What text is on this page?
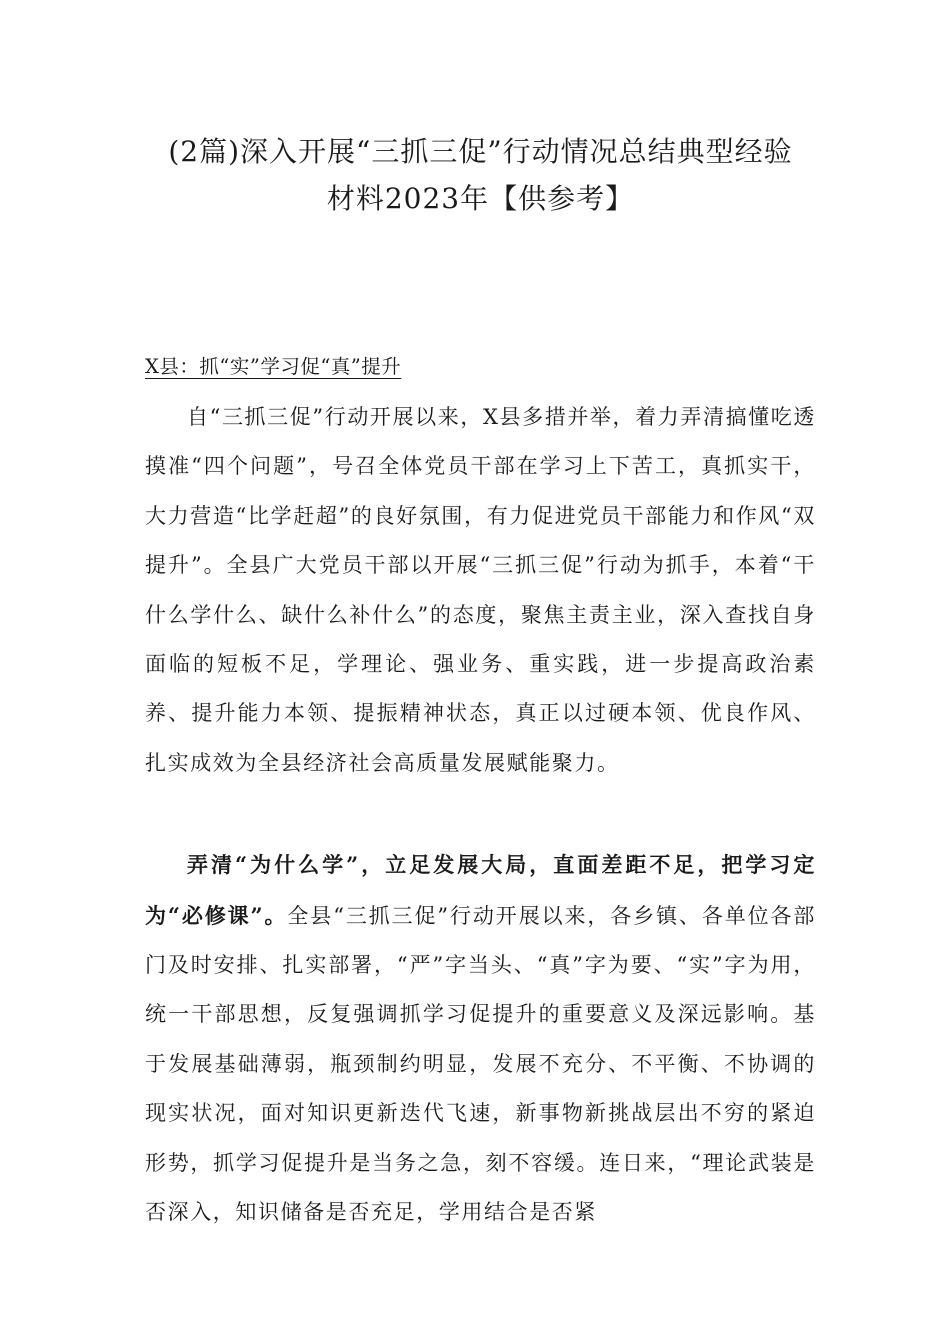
(2篇)深入开展“三抓三促”行动情况总结典型经验
材料2023年【供参考】
X县：抓“实”学习促“真”提升

自“三抓三促”行动开展以来，X县多措并举，着力弄清搞懂吃透摸准“四个问题”，号召全体党员干部在学习上下苦工，真抓实干，大力营造“比学赶超”的良好氛围，有力促进党员干部能力和作风“双提升”。全县广大党员干部以开展“三抓三促”行动为抓手，本着“干什么学什么、缺什么补什么”的态度，聚焦主责主业，深入查找自身面临的短板不足，学理论、强业务、重实践，进一步提高政治素养、提升能力本领、提振精神状态，真正以过硬本领、优良作风、扎实成效为全县经济社会高质量发展赋能聚力。

弄清“为什么学”，立足发展大局，直面差距不足，把学习定为“必修课”。全县“三抓三促”行动开展以来，各乡镇、各单位各部门及时安排、扎实部署，“严”字当头、“真”字为要、“实”字为用，统一干部思想，反复强调抓学习促提升的重要意义及深远影响。基于发展基础薄弱，瓶颈制约明显，发展不充分、不平衡、不协调的现实状况，面对知识更新迭代飞速，新事物新挑战层出不穷的紧迫形势，抓学习促提升是当务之急，刻不容缓。连日来，“理论武装是否深入，知识储备是否充足，学用结合是否紧
